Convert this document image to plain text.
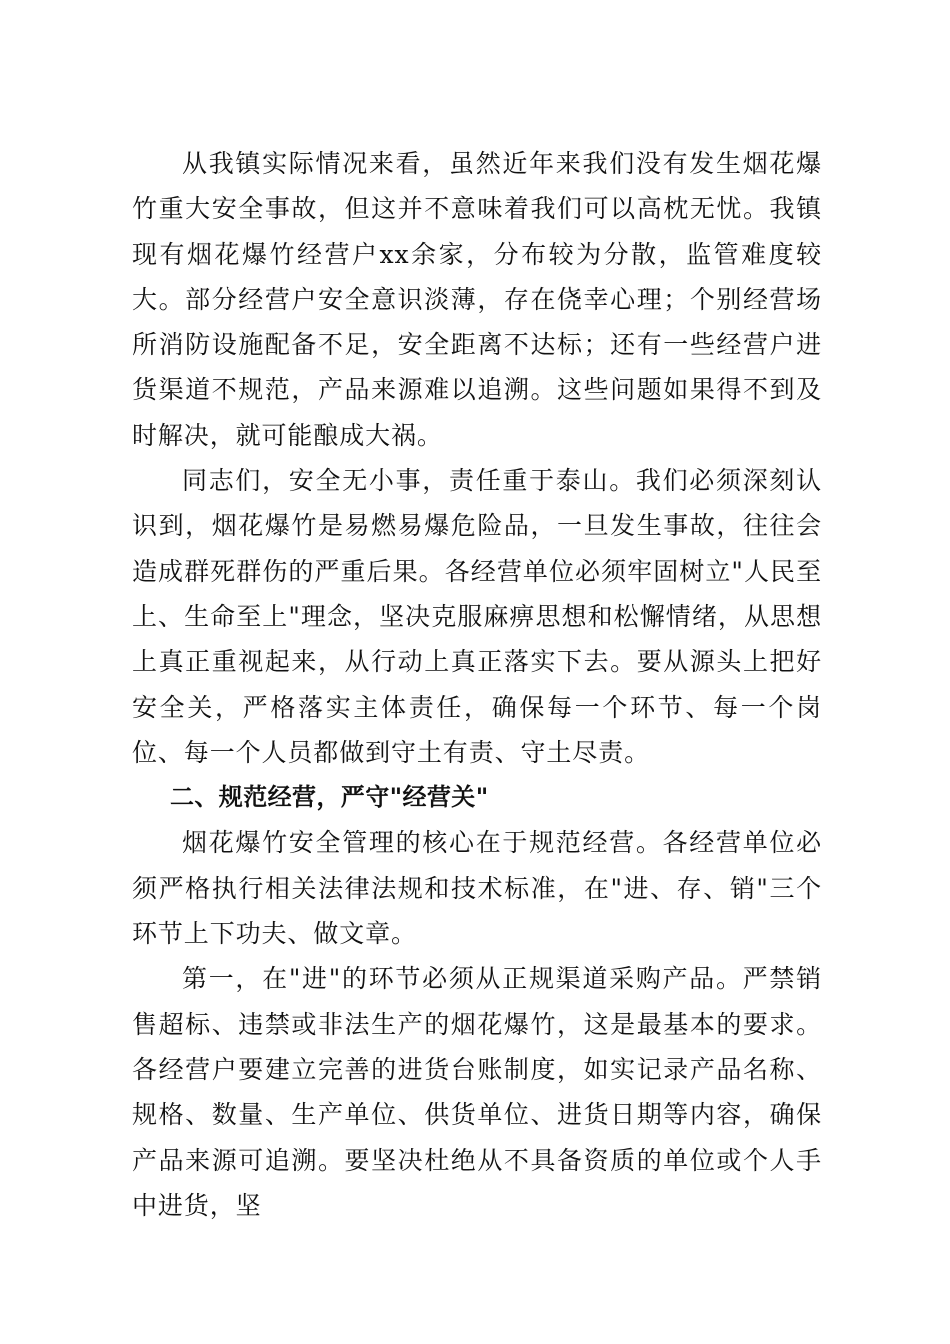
从我镇实际情况来看，虽然近年来我们没有发生烟花爆竹重大安全事故，但这并不意味着我们可以高枕无忧。我镇现有烟花爆竹经营户xx余家，分布较为分散，监管难度较大。部分经营户安全意识淡薄，存在侥幸心理；个别经营场所消防设施配备不足，安全距离不达标；还有一些经营户进货渠道不规范，产品来源难以追溯。这些问题如果得不到及时解决，就可能酿成大祸。

同志们，安全无小事，责任重于泰山。我们必须深刻认识到，烟花爆竹是易燃易爆危险品，一旦发生事故，往往会造成群死群伤的严重后果。各经营单位必须牢固树立"人民至上、生命至上"理念，坚决克服麻痹思想和松懈情绪，从思想上真正重视起来，从行动上真正落实下去。要从源头上把好安全关，严格落实主体责任，确保每一个环节、每一个岗位、每一个人员都做到守土有责、守土尽责。

二、规范经营，严守"经营关"

烟花爆竹安全管理的核心在于规范经营。各经营单位必须严格执行相关法律法规和技术标准，在"进、存、销"三个环节上下功夫、做文章。

第一，在"进"的环节必须从正规渠道采购产品。严禁销售超标、违禁或非法生产的烟花爆竹，这是最基本的要求。各经营户要建立完善的进货台账制度，如实记录产品名称、规格、数量、生产单位、供货单位、进货日期等内容，确保产品来源可追溯。要坚决杜绝从不具备资质的单位或个人手中进货，坚
